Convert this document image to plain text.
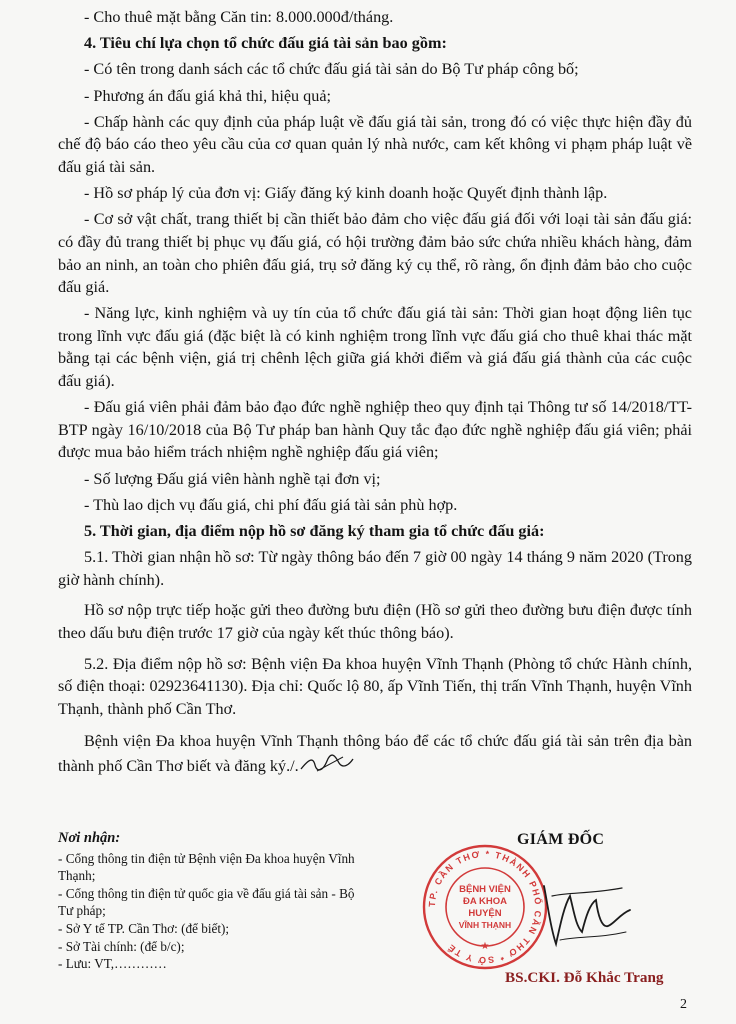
- Cho thuê mặt bằng Căn tin: 8.000.000đ/tháng.

4. Tiêu chí lựa chọn tổ chức đấu giá tài sản bao gồm:

- Có tên trong danh sách các tổ chức đấu giá tài sản do Bộ Tư pháp công bố;

- Phương án đấu giá khả thi, hiệu quả;

- Chấp hành các quy định của pháp luật về đấu giá tài sản, trong đó có việc thực hiện đầy đủ chế độ báo cáo theo yêu cầu của cơ quan quản lý nhà nước, cam kết không vi phạm pháp luật về đấu giá tài sản.

- Hồ sơ pháp lý của đơn vị: Giấy đăng ký kinh doanh hoặc Quyết định thành lập.

- Cơ sở vật chất, trang thiết bị cần thiết bảo đảm cho việc đấu giá đối với loại tài sản đấu giá: có đầy đủ trang thiết bị phục vụ đấu giá, có hội trường đảm bảo sức chứa nhiều khách hàng, đảm bảo an ninh, an toàn cho phiên đấu giá, trụ sở đăng ký cụ thể, rõ ràng, ổn định đảm bảo cho cuộc đấu giá.

- Năng lực, kinh nghiệm và uy tín của tổ chức đấu giá tài sản: Thời gian hoạt động liên tục trong lĩnh vực đấu giá (đặc biệt là có kinh nghiệm trong lĩnh vực đấu giá cho thuê khai thác mặt bằng tại các bệnh viện, giá trị chênh lệch giữa giá khởi điểm và giá đấu giá thành của các cuộc đấu giá).

- Đấu giá viên phải đảm bảo đạo đức nghề nghiệp theo quy định tại Thông tư số 14/2018/TT-BTP ngày 16/10/2018 của Bộ Tư pháp ban hành Quy tắc đạo đức nghề nghiệp đấu giá viên; phải được mua bảo hiểm trách nhiệm nghề nghiệp đấu giá viên;

- Số lượng Đấu giá viên hành nghề tại đơn vị;

- Thù lao dịch vụ đấu giá, chi phí đấu giá tài sản phù hợp.

5. Thời gian, địa điểm nộp hồ sơ đăng ký tham gia tổ chức đấu giá:

5.1. Thời gian nhận hồ sơ: Từ ngày thông báo đến 7 giờ 00 ngày 14 tháng 9 năm 2020 (Trong giờ hành chính).

Hồ sơ nộp trực tiếp hoặc gửi theo đường bưu điện (Hồ sơ gửi theo đường bưu điện được tính theo dấu bưu điện trước 17 giờ của ngày kết thúc thông báo).

5.2. Địa điểm nộp hồ sơ: Bệnh viện Đa khoa huyện Vĩnh Thạnh (Phòng tổ chức Hành chính, số điện thoại: 02923641130). Địa chỉ: Quốc lộ 80, ấp Vĩnh Tiến, thị trấn Vĩnh Thạnh, huyện Vĩnh Thạnh, thành phố Cần Thơ.

Bệnh viện Đa khoa huyện Vĩnh Thạnh thông báo để các tổ chức đấu giá tài sản trên địa bàn thành phố Cần Thơ biết và đăng ký./.

Nơi nhận:

- Cổng thông tin điện tử Bệnh viện Đa khoa huyện Vĩnh Thạnh;

- Cổng thông tin điện tử quốc gia về đấu giá tài sản - Bộ Tư pháp;

- Sở Y tế TP. Cần Thơ: (để biết);

- Sở Tài chính: (để b/c);

- Lưu: VT,…………

GIÁM ĐỐC
TP. CẦN THƠ * THÀNH PHỐ CẦN THƠ * SỞ Y TẾ
BỆNH VIỆN
ĐA KHOA
HUYỆN
VĨNH THẠNH
★
BS.CKI. Đỗ Khắc Trang
2
